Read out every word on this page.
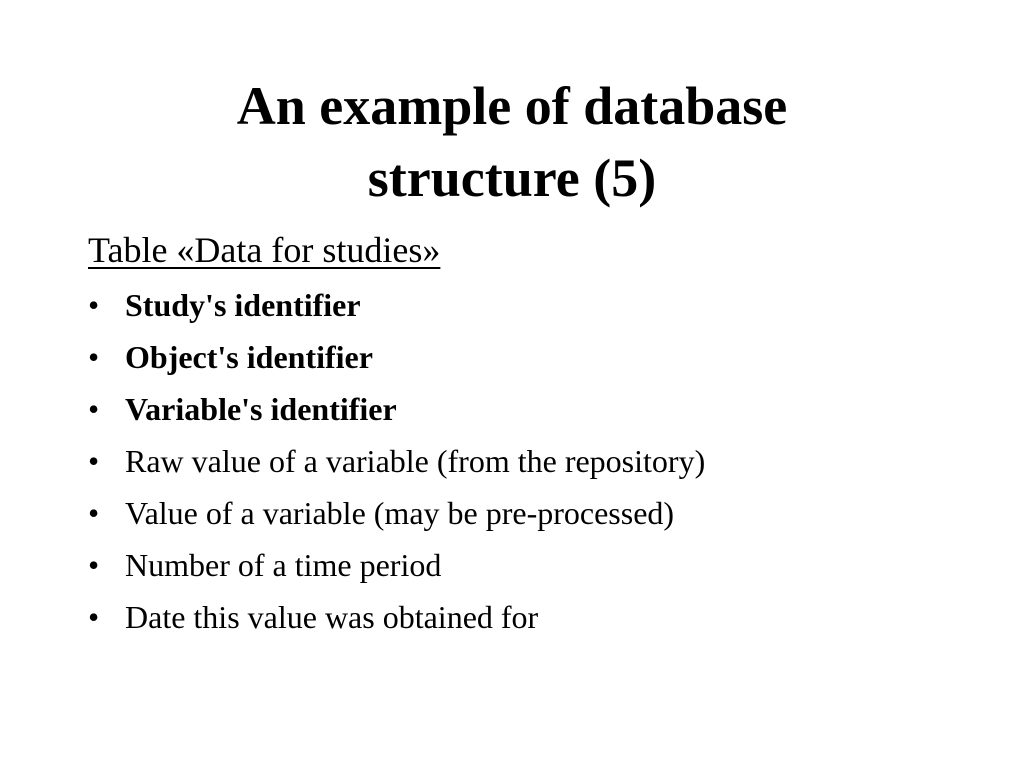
An example of database
structure (5)

Table «Data for studies»

• Study's identifier
• Object's identifier
• Variable's identifier
• Raw value of a variable (from the repository)
• Value of a variable (may be pre-processed)
• Number of a time period
• Date this value was obtained for
